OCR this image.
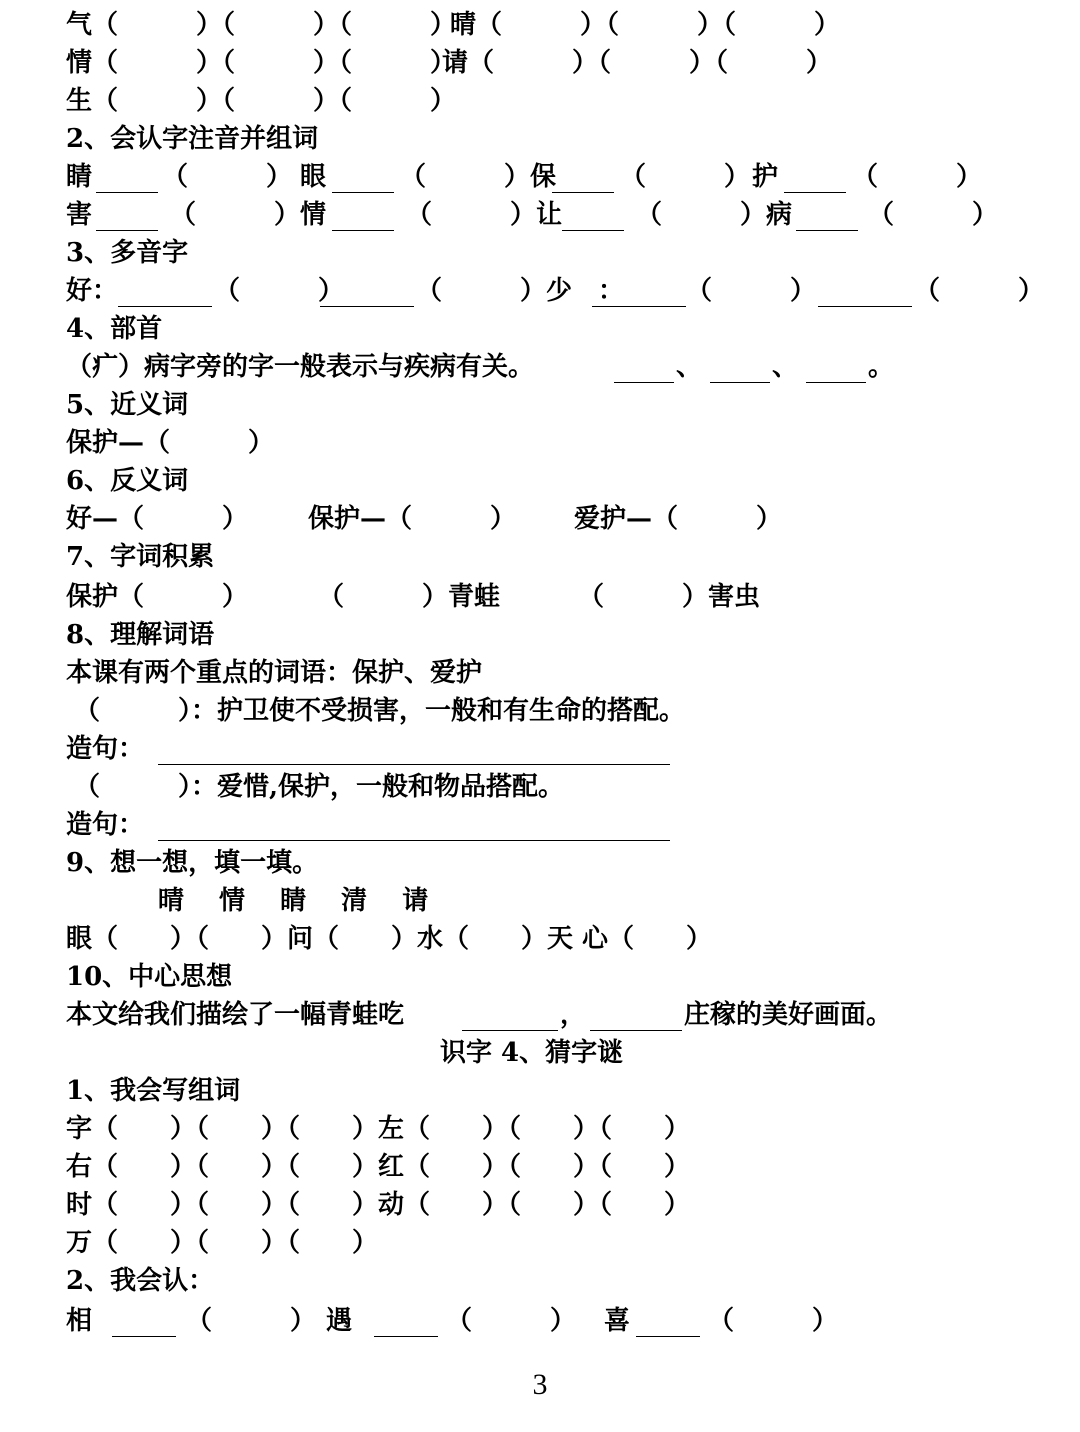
气（　　　）（　　　）（　　　）
晴（　　　）（　　　）（　　　）
情（　　　）（　　　）（　　　）
请（　　　）（　　　）（　　　）
生（　　　）（　　　）（　　　）
2、会认字注音并组词
睛	（　　　） 眼	（　　　）保 （　　　） 护	（　　　）
害	（　　　） 情	（　　　）让	（　　　） 病	（　　　）
3、多音字
好：	（　　　）	（　　　）少　： （　　　）	（　　　）
4、部首
（疒）病字旁的字一般表示与疾病有关。	、	、	。
5、近义词
保护—（　　　）
6、反义词
好—（　　　） 保护—（　　　） 爱护—（　　　）
保护（　　　）	（　　　）青蛙	（　　　）害虫
7、字词积累
8、理解词语
本课有两个重点的词语：保护、爱护
（　　　）：护卫使不受损害，一般和有生命的搭配。
造句：
（　　　）：爱惜,保护，一般和物品搭配。
造句：
9、想一想，填一填。
晴　 情　 睛　 清　 请
眼（　　）（　　）问（　　）水（　　）天 心（　　）
10、中心思想
本文给我们描绘了一幅青蛙吃	，	庄稼的美好画面。
1、我会写组词
字（　　）（　　）（　　）左（　　）（　　）（　　）
右（　　）（　　）（　　）红（　　）（　　）（　　）
时（　　）（　　）（　　）动（　　）（　　）（　　）
万（　　）（　　）（　　）
2、我会认：
相	（　　　） 遇	（　　　） 喜	（　　　）
识字 4、猜字谜
3
